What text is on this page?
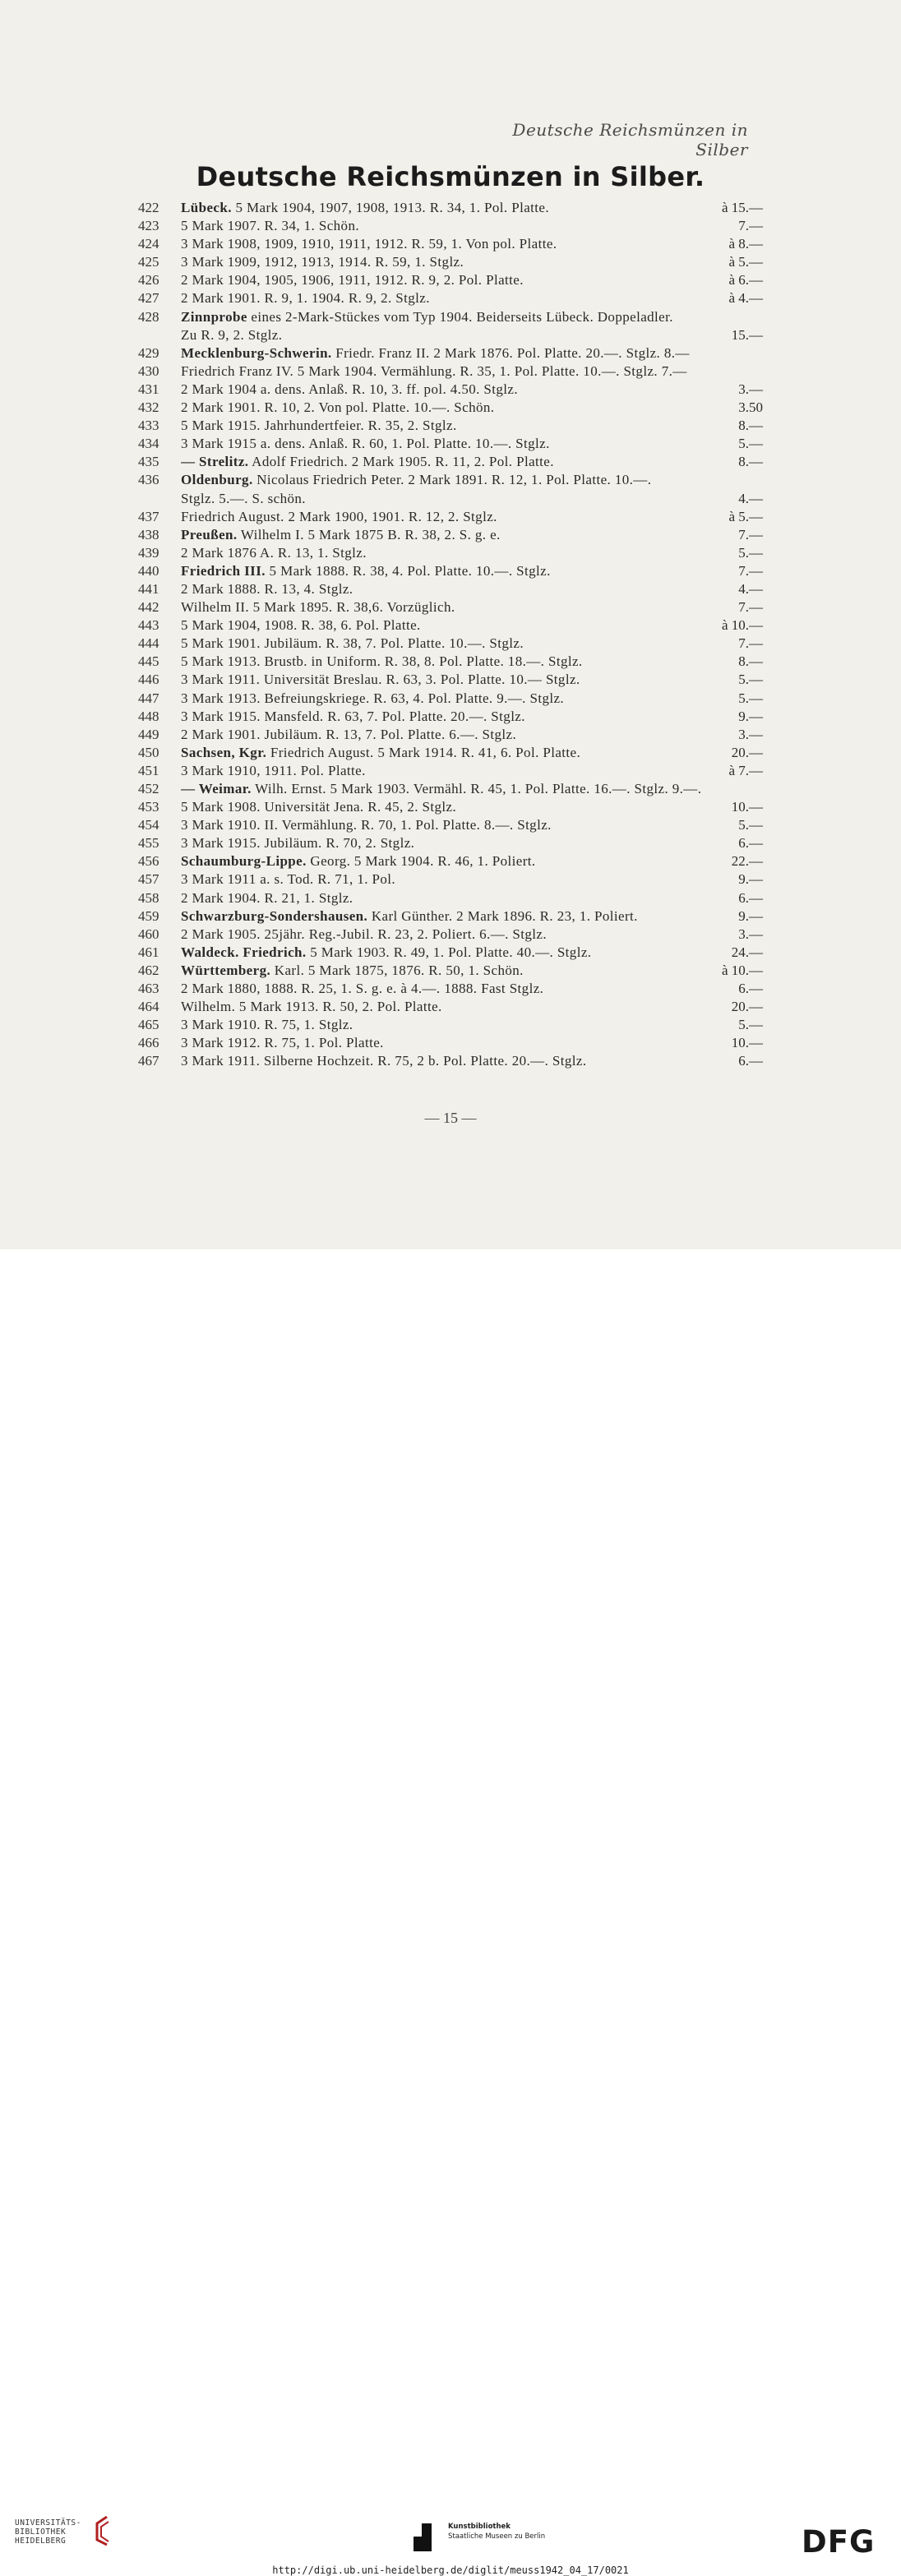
Deutsche Reichsmünzen in Silber
Deutsche Reichsmünzen in Silber.
422	Lübeck. 5 Mark 1904, 1907, 1908, 1913. R. 34, 1. Pol. Platte.	à 15.—
423	5 Mark 1907. R. 34, 1. Schön.	7.—
424	3 Mark 1908, 1909, 1910, 1911, 1912. R. 59, 1. Von pol. Platte.	à 8.—
425	3 Mark 1909, 1912, 1913, 1914. R. 59, 1. Stglz.	à 5.—
426	2 Mark 1904, 1905, 1906, 1911, 1912. R. 9, 2. Pol. Platte.	à 6.—
427	2 Mark 1901. R. 9, 1. 1904. R. 9, 2. Stglz.	à 4.—
428	Zinnprobe eines 2-Mark-Stückes vom Typ 1904. Beiderseits Lübeck. Doppeladler.
Zu R. 9, 2. Stglz.	15.—
429	Mecklenburg-Schwerin. Friedr. Franz II. 2 Mark 1876. Pol. Platte. 20.—. Stglz. 8.—
430	Friedrich Franz IV. 5 Mark 1904. Vermählung. R. 35, 1. Pol. Platte. 10.—. Stglz. 7.—
431	2 Mark 1904 a. dens. Anlaß. R. 10, 3. ff. pol. 4.50. Stglz.	3.—
432	2 Mark 1901. R. 10, 2. Von pol. Platte. 10.—. Schön.	3.50
433	5 Mark 1915. Jahrhundertfeier. R. 35, 2. Stglz.	8.—
434	3 Mark 1915 a. dens. Anlaß. R. 60, 1. Pol. Platte. 10.—. Stglz.	5.—
435	— Strelitz. Adolf Friedrich. 2 Mark 1905. R. 11, 2. Pol. Platte.	8.—
436	Oldenburg. Nicolaus Friedrich Peter. 2 Mark 1891. R. 12, 1. Pol. Platte. 10.—.
Stglz. 5.—. S. schön.	4.—
437	Friedrich August. 2 Mark 1900, 1901. R. 12, 2. Stglz.	à 5.—
438	Preußen. Wilhelm I. 5 Mark 1875 B. R. 38, 2. S. g. e.	7.—
439	2 Mark 1876 A. R. 13, 1. Stglz.	5.—
440	Friedrich III. 5 Mark 1888. R. 38, 4. Pol. Platte. 10.—. Stglz.	7.—
441	2 Mark 1888. R. 13, 4. Stglz.	4.—
442	Wilhelm II. 5 Mark 1895. R. 38,6. Vorzüglich.	7.—
443	5 Mark 1904, 1908. R. 38, 6. Pol. Platte.	à 10.—
444	5 Mark 1901. Jubiläum. R. 38, 7. Pol. Platte. 10.—. Stglz.	7.—
445	5 Mark 1913. Brustb. in Uniform. R. 38, 8. Pol. Platte. 18.—. Stglz.	8.—
446	3 Mark 1911. Universität Breslau. R. 63, 3. Pol. Platte. 10.— Stglz.	5.—
447	3 Mark 1913. Befreiungskriege. R. 63, 4. Pol. Platte. 9.—. Stglz.	5.—
448	3 Mark 1915. Mansfeld. R. 63, 7. Pol. Platte. 20.—. Stglz.	9.—
449	2 Mark 1901. Jubiläum. R. 13, 7. Pol. Platte. 6.—. Stglz.	3.—
450	Sachsen, Kgr. Friedrich August. 5 Mark 1914. R. 41, 6. Pol. Platte.	20.—
451	3 Mark 1910, 1911. Pol. Platte.	à 7.—
452	— Weimar. Wilh. Ernst. 5 Mark 1903. Vermähl. R. 45, 1. Pol. Platte. 16.—. Stglz. 9.—.
453	5 Mark 1908. Universität Jena. R. 45, 2. Stglz.	10.—
454	3 Mark 1910. II. Vermählung. R. 70, 1. Pol. Platte. 8.—. Stglz.	5.—
455	3 Mark 1915. Jubiläum. R. 70, 2. Stglz.	6.—
456	Schaumburg-Lippe. Georg. 5 Mark 1904. R. 46, 1. Poliert.	22.—
457	3 Mark 1911 a. s. Tod. R. 71, 1. Pol.	9.—
458	2 Mark 1904. R. 21, 1. Stglz.	6.—
459	Schwarzburg-Sondershausen. Karl Günther. 2 Mark 1896. R. 23, 1. Poliert.	9.—
460	2 Mark 1905. 25jähr. Reg.-Jubil. R. 23, 2. Poliert. 6.—. Stglz.	3.—
461	Waldeck. Friedrich. 5 Mark 1903. R. 49, 1. Pol. Platte. 40.—. Stglz.	24.—
462	Württemberg. Karl. 5 Mark 1875, 1876. R. 50, 1. Schön.	à 10.—
463	2 Mark 1880, 1888. R. 25, 1. S. g. e. à 4.—. 1888. Fast Stglz.	6.—
464	Wilhelm. 5 Mark 1913. R. 50, 2. Pol. Platte.	20.—
465	3 Mark 1910. R. 75, 1. Stglz.	5.—
466	3 Mark 1912. R. 75, 1. Pol. Platte.	10.—
467	3 Mark 1911. Silberne Hochzeit. R. 75, 2 b. Pol. Platte. 20.—. Stglz.	6.—
— 15 —
UNIVERSITÄTS-
BIBLIOTHEK
HEIDELBERG
Kunstbibliothek
Staatliche Museen zu Berlin	DFG
http://digi.ub.uni-heidelberg.de/diglit/meuss1942_04_17/0021
